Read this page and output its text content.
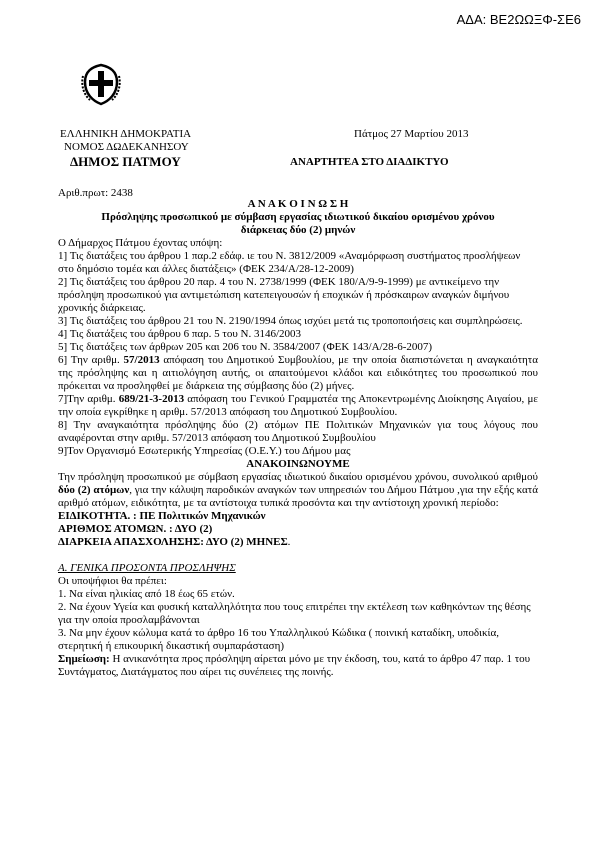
ΑΔΑ: ΒΕ2ΩΩΞΦ-ΣΕ6
ΕΛΛΗΝΙΚΗ ΔΗΜΟΚΡΑΤΙΑ
ΝΟΜΟΣ ΔΩΔΕΚΑΝΗΣΟΥ
ΔΗΜΟΣ ΠΑΤΜΟΥ
Πάτμος 27 Μαρτίου 2013
ΑΝΑΡΤΗΤΕΑ ΣΤΟ ΔΙΑΔΙΚΤΥΟ
Αριθ.πρωτ: 2438

Α Ν Α Κ Ο Ι Ν Ω Σ Η

Πρόσληψης προσωπικού με σύμβαση εργασίας ιδιωτικού δικαίου ορισμένου χρόνου

διάρκειας δύο (2) μηνών

Ο Δήμαρχος Πάτμου έχοντας υπόψη:

1] Τις διατάξεις του άρθρου 1 παρ.2 εδάφ. ιε του Ν. 3812/2009 «Αναμόρφωση συστήματος προσλήψεων στο δημόσιο τομέα και άλλες διατάξεις» (ΦΕΚ 234/Α/28-12-2009)

2] Τις διατάξεις του άρθρου 20 παρ. 4 του Ν. 2738/1999 (ΦΕΚ 180/Α/9-9-1999) με αντικείμενο την πρόσληψη προσωπικού για αντιμετώπιση κατεπειγουσών ή εποχικών ή πρόσκαιρων αναγκών διμήνου χρονικής διάρκειας.

3] Τις διατάξεις του άρθρου 21 του Ν. 2190/1994 όπως ισχύει μετά τις τροποποιήσεις και συμπληρώσεις.

4] Τις διατάξεις του άρθρου 6 παρ. 5 του Ν. 3146/2003

5] Τις διατάξεις των άρθρων 205 και 206 του Ν. 3584/2007 (ΦΕΚ 143/Α/28-6-2007)

6] Την αριθμ. 57/2013 απόφαση του Δημοτικού Συμβουλίου, με την οποία διαπιστώνεται η αναγκαιότητα της πρόσληψης και η αιτιολόγηση αυτής, οι απαιτούμενοι κλάδοι και ειδικότητες του προσωπικού που πρόκειται να προσληφθεί με διάρκεια της σύμβασης δύο (2) μήνες.

7]Την αριθμ. 689/21-3-2013 απόφαση του Γενικού Γραμματέα της Αποκεντρωμένης Διοίκησης Αιγαίου, με την οποία εγκρίθηκε η αριθμ. 57/2013 απόφαση του Δημοτικού Συμβουλίου.

8] Την αναγκαιότητα πρόσληψης δύο (2) ατόμων ΠΕ Πολιτικών Μηχανικών για τους λόγους που αναφέρονται στην αριθμ. 57/2013 απόφαση του Δημοτικού Συμβουλίου

9]Τον Οργανισμό Εσωτερικής Υπηρεσίας (Ο.Ε.Υ.) του Δήμου μας

ΑΝΑΚΟΙΝΩΝΟΥΜΕ

Την πρόσληψη προσωπικού με σύμβαση εργασίας ιδιωτικού δικαίου ορισμένου χρόνου, συνολικού αριθμού δύο (2) ατόμων, για την κάλυψη παροδικών αναγκών των υπηρεσιών του Δήμου Πάτμου ,για την εξής κατά αριθμό ατόμων, ειδικότητα, με τα αντίστοιχα τυπικά προσόντα και την αντίστοιχη χρονική περίοδο:

ΕΙΔΙΚΟΤΗΤΑ. : ΠΕ Πολιτικών Μηχανικών

ΑΡΙΘΜΟΣ ΑΤΟΜΩΝ. : ΔΥΟ (2)

ΔΙΑΡΚΕΙΑ ΑΠΑΣΧΟΛΗΣΗΣ: ΔΥΟ (2) ΜΗΝΕΣ.

Α. ΓΕΝΙΚΑ ΠΡΟΣΟΝΤΑ ΠΡΟΣΛΗΨΗΣ

Οι υποψήφιοι θα πρέπει:

1. Να είναι ηλικίας από 18 έως 65 ετών.

2. Να έχουν Υγεία και φυσική καταλληλότητα που τους επιτρέπει την εκτέλεση των καθηκόντων της θέσης για την οποία προσλαμβάνονται

3. Να μην έχουν κώλυμα κατά το άρθρο 16 του Υπαλληλικού Κώδικα ( ποινική καταδίκη, υποδικία, στερητική ή επικουρική δικαστική συμπαράσταση)

Σημείωση: Η ανικανότητα προς πρόσληψη αίρεται μόνο με την έκδοση, του, κατά το άρθρο 47 παρ. 1 του Συντάγματος, Διατάγματος που αίρει τις συνέπειες της ποινής.
